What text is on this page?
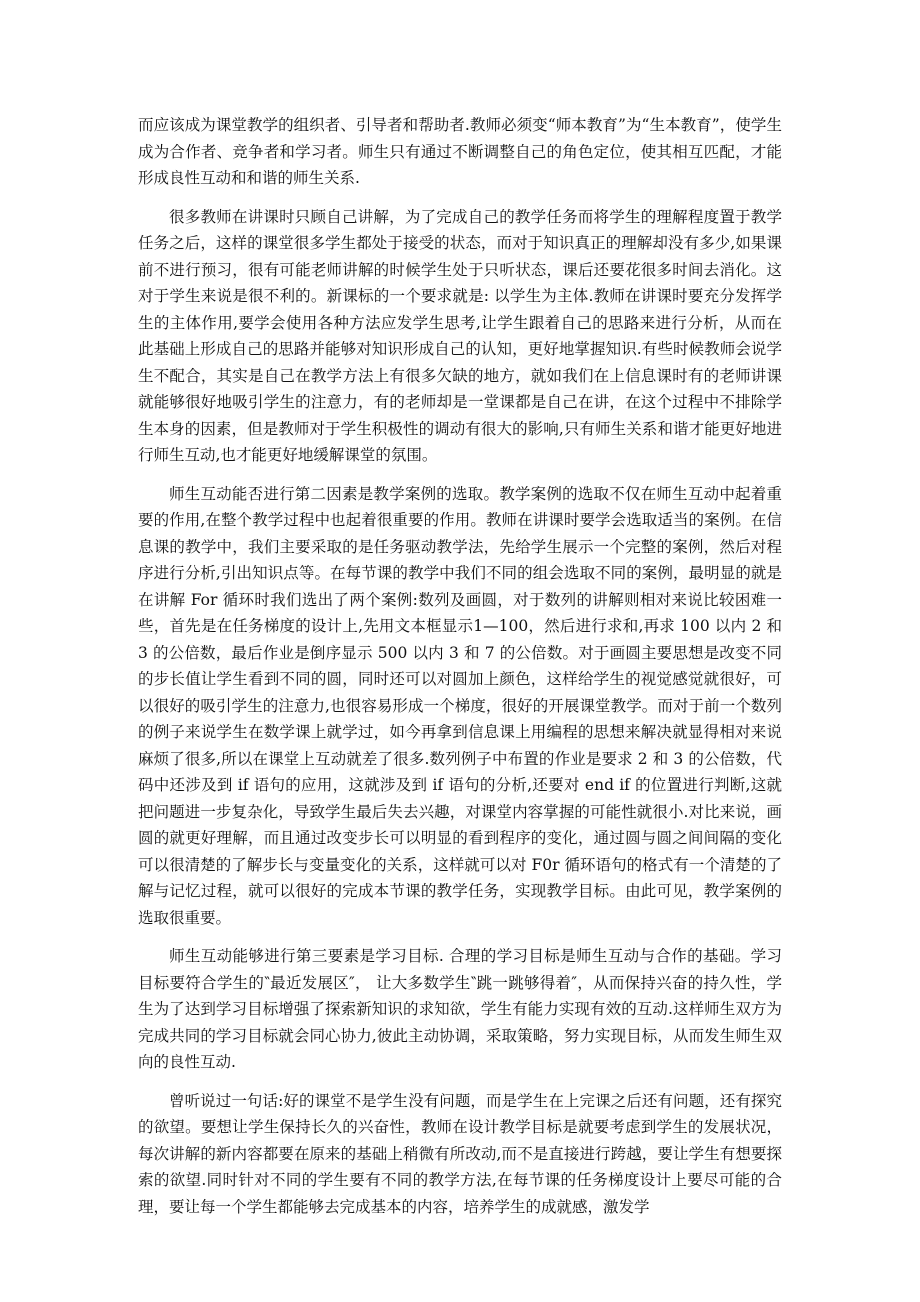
而应该成为课堂教学的组织者、引导者和帮助者.教师必须变“师本教育”为“生本教育”，使学生成为合作者、竞争者和学习者。师生只有通过不断调整自己的角色定位，使其相互匹配，才能形成良性互动和和谐的师生关系.

很多教师在讲课时只顾自己讲解，为了完成自己的教学任务而将学生的理解程度置于教学任务之后，这样的课堂很多学生都处于接受的状态，而对于知识真正的理解却没有多少,如果课前不进行预习，很有可能老师讲解的时候学生处于只听状态，课后还要花很多时间去消化。这对于学生来说是很不利的。新课标的一个要求就是: 以学生为主体.教师在讲课时要充分发挥学生的主体作用,要学会使用各种方法应发学生思考,让学生跟着自己的思路来进行分析，从而在此基础上形成自己的思路并能够对知识形成自己的认知，更好地掌握知识.有些时候教师会说学生不配合，其实是自己在教学方法上有很多欠缺的地方，就如我们在上信息课时有的老师讲课就能够很好地吸引学生的注意力，有的老师却是一堂课都是自己在讲，在这个过程中不排除学生本身的因素，但是教师对于学生积极性的调动有很大的影响,只有师生关系和谐才能更好地进行师生互动,也才能更好地缓解课堂的氛围。

师生互动能否进行第二因素是教学案例的选取。教学案例的选取不仅在师生互动中起着重要的作用,在整个教学过程中也起着很重要的作用。教师在讲课时要学会选取适当的案例。在信息课的教学中，我们主要采取的是任务驱动教学法，先给学生展示一个完整的案例，然后对程序进行分析,引出知识点等。在每节课的教学中我们不同的组会选取不同的案例，最明显的就是在讲解 For 循环时我们选出了两个案例:数列及画圆，对于数列的讲解则相对来说比较困难一些，首先是在任务梯度的设计上,先用文本框显示1—100，然后进行求和,再求 100 以内 2 和 3 的公倍数，最后作业是倒序显示 500 以内 3 和 7 的公倍数。对于画圆主要思想是改变不同的步长值让学生看到不同的圆，同时还可以对圆加上颜色，这样给学生的视觉感觉就很好，可以很好的吸引学生的注意力,也很容易形成一个梯度，很好的开展课堂教学。而对于前一个数列的例子来说学生在数学课上就学过，如今再拿到信息课上用编程的思想来解决就显得相对来说麻烦了很多,所以在课堂上互动就差了很多.数列例子中布置的作业是要求 2 和 3 的公倍数，代码中还涉及到 if 语句的应用，这就涉及到 if 语句的分析,还要对 end if 的位置进行判断,这就把问题进一步复杂化，导致学生最后失去兴趣，对课堂内容掌握的可能性就很小.对比来说，画圆的就更好理解，而且通过改变步长可以明显的看到程序的变化，通过圆与圆之间间隔的变化可以很清楚的了解步长与变量变化的关系，这样就可以对 F0r 循环语句的格式有一个清楚的了解与记忆过程，就可以很好的完成本节课的教学任务，实现教学目标。由此可见，教学案例的选取很重要。

师生互动能够进行第三要素是学习目标. 合理的学习目标是师生互动与合作的基础。学习目标要符合学生的‶最近发展区″， 让大多数学生‶跳一跳够得着″，从而保持兴奋的持久性，学生为了达到学习目标增强了探索新知识的求知欲，学生有能力实现有效的互动.这样师生双方为完成共同的学习目标就会同心协力,彼此主动协调，采取策略，努力实现目标，从而发生师生双向的良性互动.

曾听说过一句话:好的课堂不是学生没有问题，而是学生在上完课之后还有问题，还有探究的欲望。要想让学生保持长久的兴奋性，教师在设计教学目标是就要考虑到学生的发展状况，每次讲解的新内容都要在原来的基础上稍微有所改动,而不是直接进行跨越，要让学生有想要探索的欲望.同时针对不同的学生要有不同的教学方法,在每节课的任务梯度设计上要尽可能的合理，要让每一个学生都能够去完成基本的内容，培养学生的成就感，激发学
